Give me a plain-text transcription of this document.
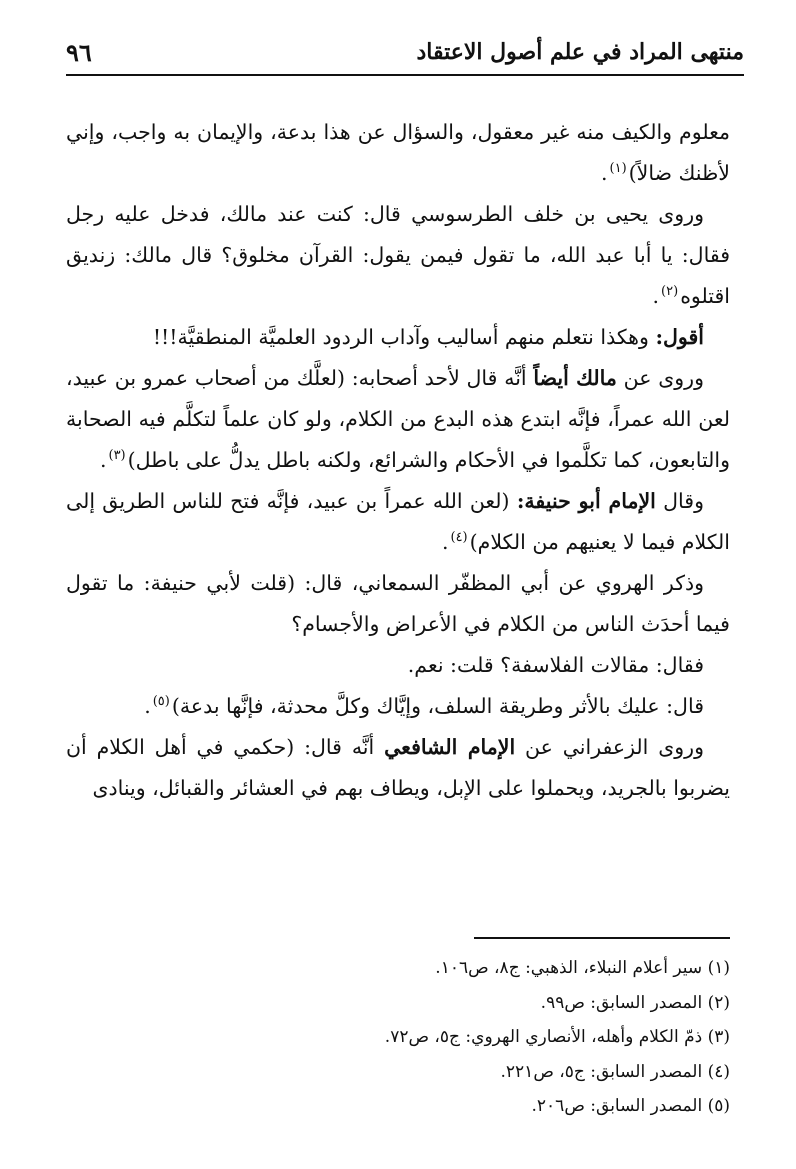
منتهى المراد في علم أصول الاعتقاد
٩٦

معلوم والكيف منه غير معقول، والسؤال عن هذا بدعة، والإيمان به واجب، وإني لأظنك ضالاً)$^{(١)}$.

وروى يحيى بن خلف الطرسوسي قال: كنت عند مالك، فدخل عليه رجل فقال: يا أبا عبد الله، ما تقول فيمن يقول: القرآن مخلوق؟ قال مالك: زنديق اقتلوه$^{(٢)}$.

أقول: وهكذا نتعلم منهم أساليب وآداب الردود العلميَّة المنطقيَّة!!!

وروى عن مالك أيضاً أنَّه قال لأحد أصحابه: (لعلَّك من أصحاب عمرو بن عبيد، لعن الله عمراً، فإنَّه ابتدع هذه البدع من الكلام، ولو كان علماً لتكلَّم فيه الصحابة والتابعون، كما تكلَّموا في الأحكام والشرائع، ولكنه باطل يدلُّ على باطل)$^{(٣)}$.

وقال الإمام أبو حنيفة: (لعن الله عمراً بن عبيد، فإنَّه فتح للناس الطريق إلى الكلام فيما لا يعنيهم من الكلام)$^{(٤)}$.

وذكر الهروي عن أبي المظفّر السمعاني، قال: (قلت لأبي حنيفة: ما تقول فيما أحدَث الناس من الكلام في الأعراض والأجسام؟

فقال: مقالات الفلاسفة؟ قلت: نعم.

قال: عليك بالأثر وطريقة السلف، وإيَّاك وكلَّ محدثة، فإنَّها بدعة)$^{(٥)}$.

وروى الزعفراني عن الإمام الشافعي أنَّه قال: (حكمي في أهل الكلام أن يضربوا بالجريد، ويحملوا على الإبل، ويطاف بهم في العشائر والقبائل، وينادى

(١) سير أعلام النبلاء، الذهبي: ج٨، ص١٠٦.

(٢) المصدر السابق: ص٩٩.

(٣) ذمّ الكلام وأهله، الأنصاري الهروي: ج٥، ص٧٢.

(٤) المصدر السابق: ج٥، ص٢٢١.

(٥) المصدر السابق: ص٢٠٦.
